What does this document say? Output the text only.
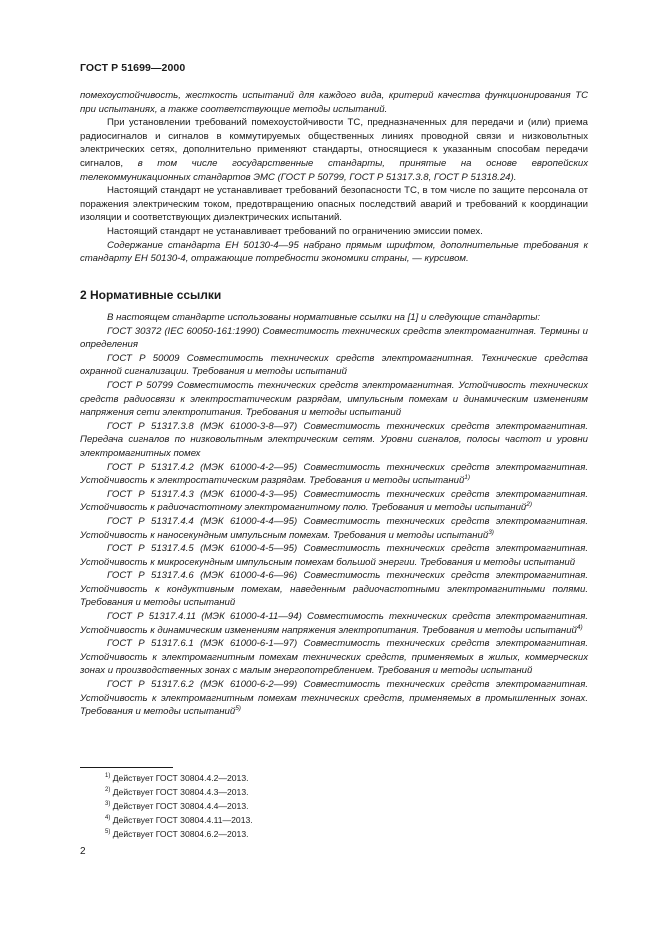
ГОСТ Р 51699—2000

помехоустойчивость, жесткость испытаний для каждого вида, критерий качества функционирования ТС при испытаниях, а также соответствующие методы испытаний.

При установлении требований помехоустойчивости ТС, предназначенных для передачи и (или) приема радиосигналов и сигналов в коммутируемых общественных линиях проводной связи и низковольтных электрических сетях, дополнительно применяют стандарты, относящиеся к указанным способам передачи сигналов, в том числе государственные стандарты, принятые на основе европейских телекоммуникационных стандартов ЭМС (ГОСТ Р 50799, ГОСТ Р 51317.3.8, ГОСТ Р 51318.24).

Настоящий стандарт не устанавливает требований безопасности ТС, в том числе по защите персонала от поражения электрическим током, предотвращению опасных последствий аварий и требований к координации изоляции и соответствующих диэлектрических испытаний.

Настоящий стандарт не устанавливает требований по ограничению эмиссии помех.

Содержание стандарта ЕН 50130-4—95 набрано прямым шрифтом, дополнительные требования к стандарту ЕН 50130-4, отражающие потребности экономики страны, — курсивом.

2 Нормативные ссылки

В настоящем стандарте использованы нормативные ссылки на [1] и следующие стандарты:

ГОСТ 30372 (IEC 60050-161:1990) Совместимость технических средств электромагнитная. Термины и определения

ГОСТ Р 50009 Совместимость технических средств электромагнитная. Технические средства охранной сигнализации. Требования и методы испытаний

ГОСТ Р 50799 Совместимость технических средств электромагнитная. Устойчивость технических средств радиосвязи к электростатическим разрядам, импульсным помехам и динамическим изменениям напряжения сети электропитания. Требования и методы испытаний

ГОСТ Р 51317.3.8 (МЭК 61000-3-8—97) Совместимость технических средств электромагнитная. Передача сигналов по низковольтным электрическим сетям. Уровни сигналов, полосы частот и уровни электромагнитных помех

ГОСТ Р 51317.4.2 (МЭК 61000-4-2—95) Совместимость технических средств электромагнитная. Устойчивость к электростатическим разрядам. Требования и методы испытаний$^{1)}$

ГОСТ Р 51317.4.3 (МЭК 61000-4-3—95) Совместимость технических средств электромагнитная. Устойчивость к радиочастотному электромагнитному полю. Требования и методы испытаний$^{2)}$

ГОСТ Р 51317.4.4 (МЭК 61000-4-4—95) Совместимость технических средств электромагнитная. Устойчивость к наносекундным импульсным помехам. Требования и методы испытаний$^{3)}$

ГОСТ Р 51317.4.5 (МЭК 61000-4-5—95) Совместимость технических средств электромагнитная. Устойчивость к микросекундным импульсным помехам большой энергии. Требования и методы испытаний

ГОСТ Р 51317.4.6 (МЭК 61000-4-6—96) Совместимость технических средств электромагнитная. Устойчивость к кондуктивным помехам, наведенным радиочастотными электромагнитными полями. Требования и методы испытаний

ГОСТ Р 51317.4.11 (МЭК 61000-4-11—94) Совместимость технических средств электромагнитная. Устойчивость к динамическим изменениям напряжения электропитания. Требования и методы испытаний$^{4)}$

ГОСТ Р 51317.6.1 (МЭК 61000-6-1—97) Совместимость технических средств электромагнитная. Устойчивость к электромагнитным помехам технических средств, применяемых в жилых, коммерческих зонах и производственных зонах с малым энергопотреблением. Требования и методы испытаний

ГОСТ Р 51317.6.2 (МЭК 61000-6-2—99) Совместимость технических средств электромагнитная. Устойчивость к электромагнитным помехам технических средств, применяемых в промышленных зонах. Требования и методы испытаний$^{5)}$

$^{1)}$ Действует ГОСТ 30804.4.2—2013.
$^{2)}$ Действует ГОСТ 30804.4.3—2013.
$^{3)}$ Действует ГОСТ 30804.4.4—2013.
$^{4)}$ Действует ГОСТ 30804.4.11—2013.
$^{5)}$ Действует ГОСТ 30804.6.2—2013.
2
